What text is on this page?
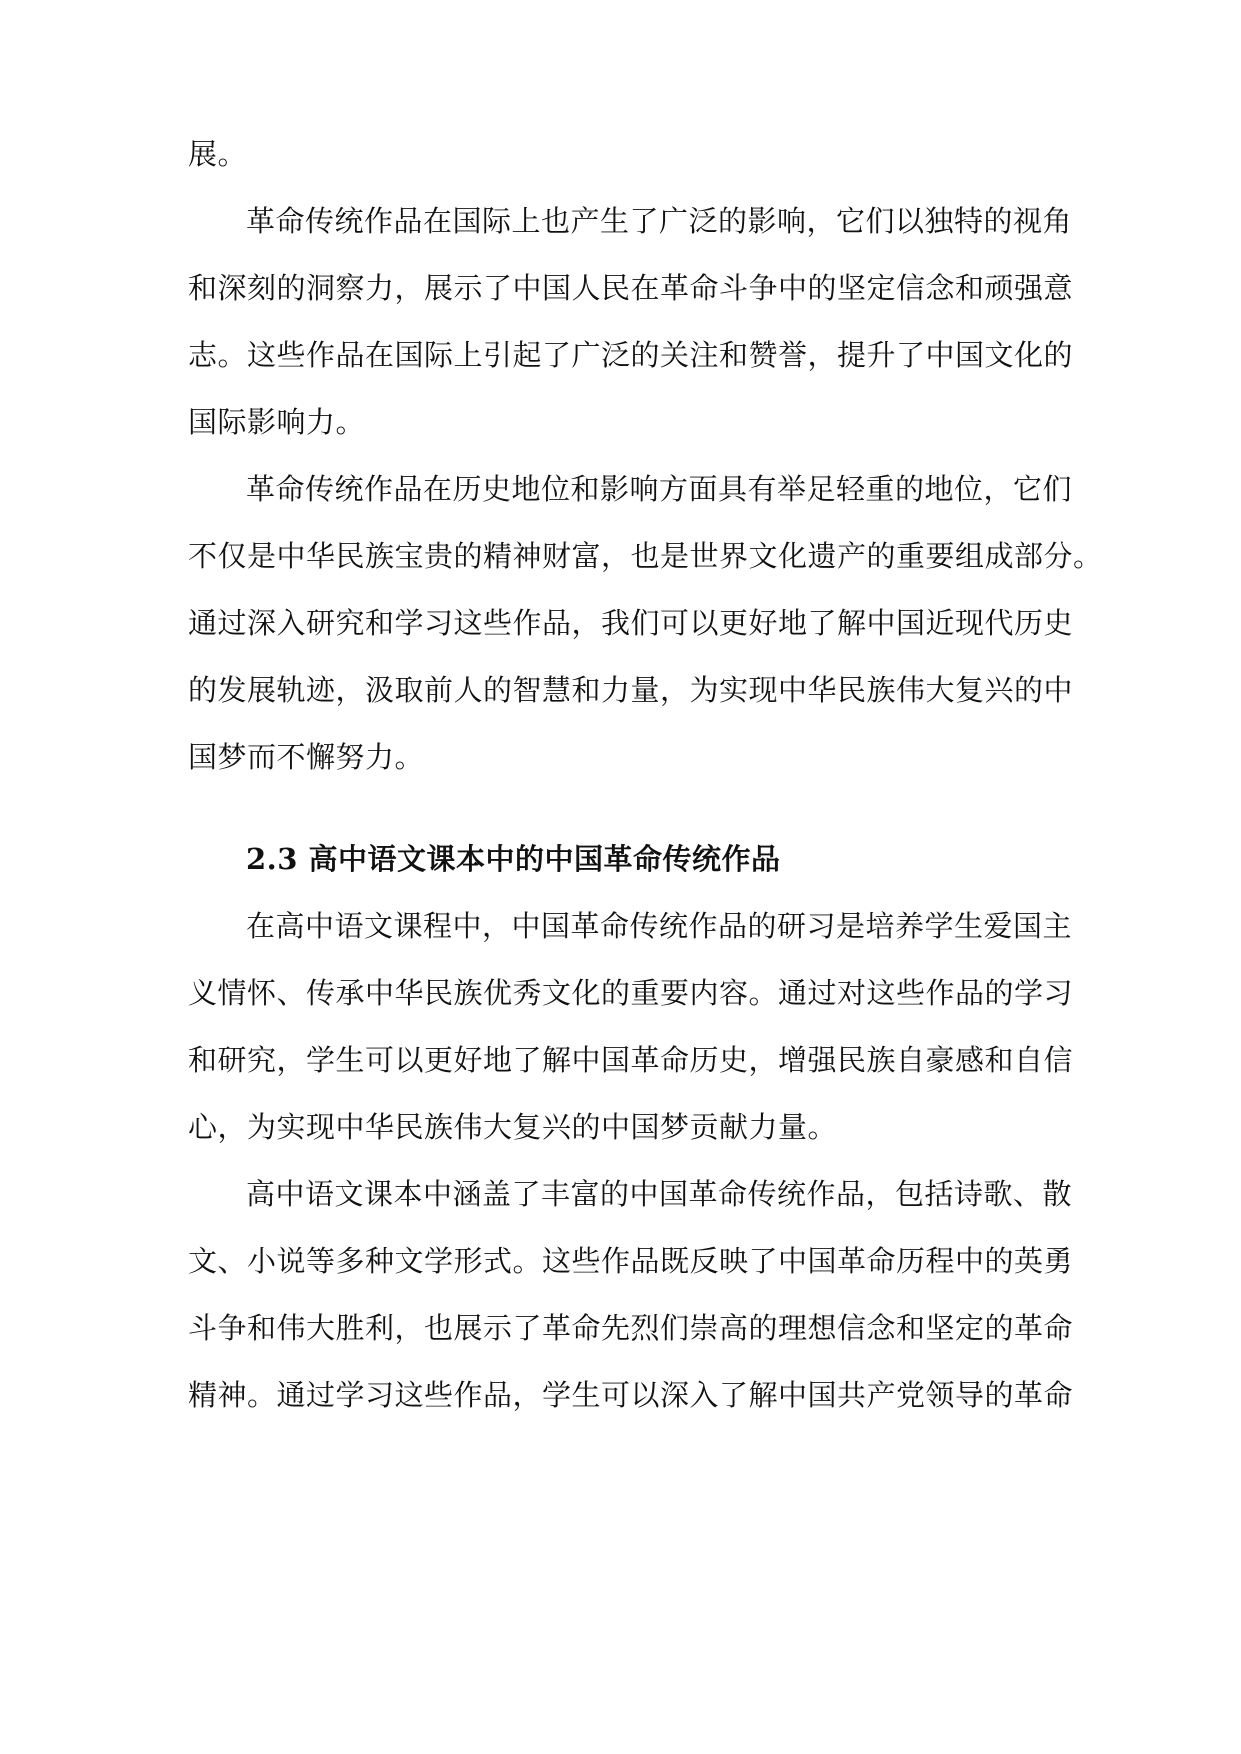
展。
革命传统作品在国际上也产生了广泛的影响，它们以独特的视角
和深刻的洞察力，展示了中国人民在革命斗争中的坚定信念和顽强意
志。这些作品在国际上引起了广泛的关注和赞誉，提升了中国文化的
国际影响力。
革命传统作品在历史地位和影响方面具有举足轻重的地位，它们
不仅是中华民族宝贵的精神财富，也是世界文化遗产的重要组成部分。
通过深入研究和学习这些作品，我们可以更好地了解中国近现代历史
的发展轨迹，汲取前人的智慧和力量，为实现中华民族伟大复兴的中
国梦而不懈努力。
2.3 高中语文课本中的中国革命传统作品
在高中语文课程中，中国革命传统作品的研习是培养学生爱国主
义情怀、传承中华民族优秀文化的重要内容。通过对这些作品的学习
和研究，学生可以更好地了解中国革命历史，增强民族自豪感和自信
心，为实现中华民族伟大复兴的中国梦贡献力量。
高中语文课本中涵盖了丰富的中国革命传统作品，包括诗歌、散
文、小说等多种文学形式。这些作品既反映了中国革命历程中的英勇
斗争和伟大胜利，也展示了革命先烈们崇高的理想信念和坚定的革命
精神。通过学习这些作品，学生可以深入了解中国共产党领导的革命
